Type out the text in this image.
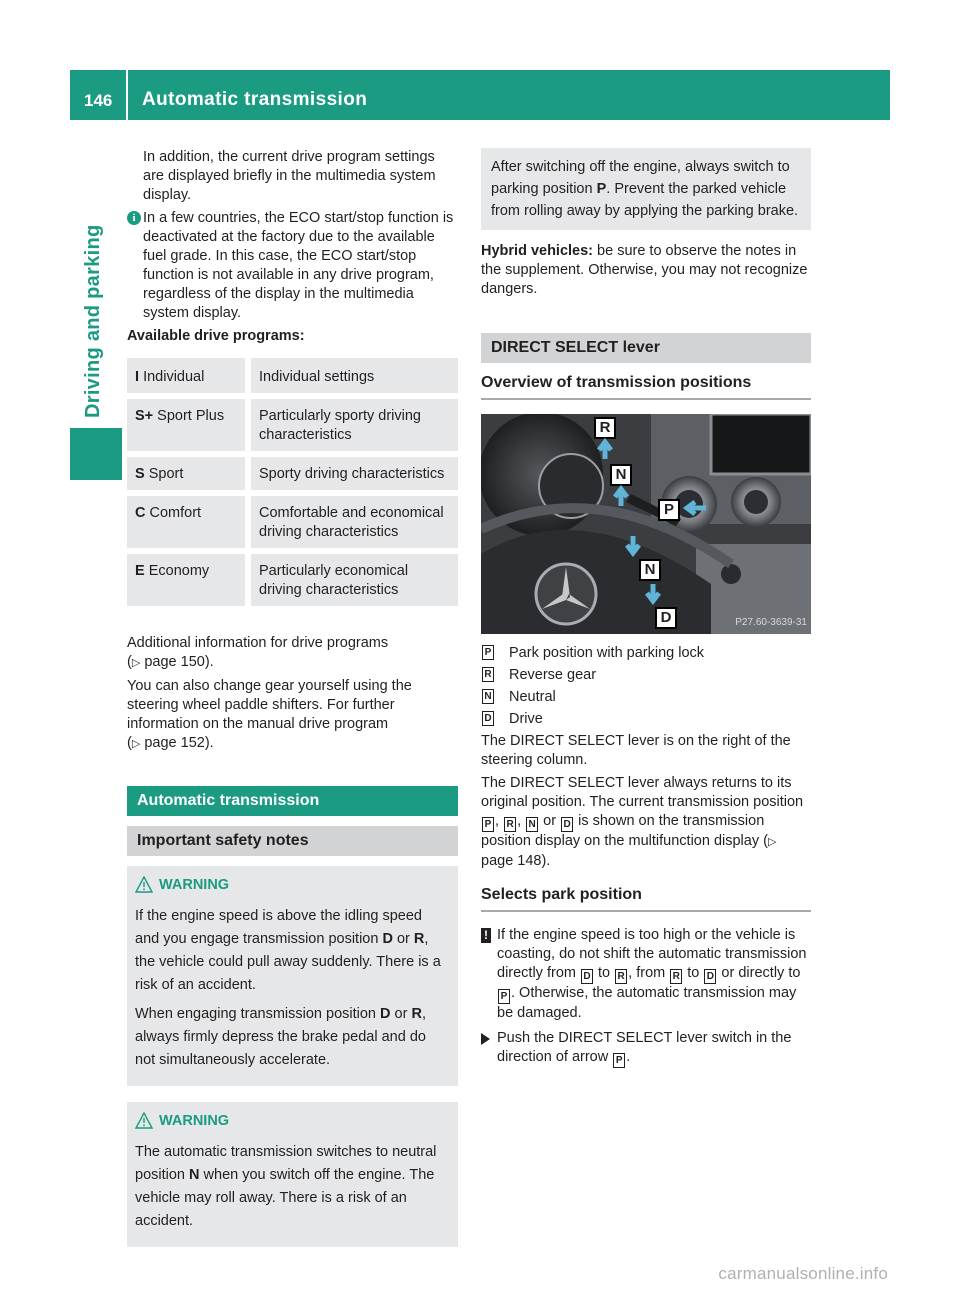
146 Automatic transmission
Driving and parking

In addition, the current drive program settings are displayed briefly in the multimedia system display.

i In a few countries, the ECO start/stop function is deactivated at the factory due to the available fuel grade. In this case, the ECO start/stop function is not available in any drive program, regardless of the display in the multimedia system display.

Available drive programs:

I Individual	Individual settings
S+ Sport Plus	Particularly sporty driving characteristics
S Sport	Sporty driving characteristics
C Comfort	Comfortable and economical driving characteristics
E Economy	Particularly economical driving characteristics

Additional information for drive programs
(▷ page 150).

You can also change gear yourself using the steering wheel paddle shifters. For further information on the manual drive program
(▷ page 152).

Automatic transmission
Important safety notes
WARNING

If the engine speed is above the idling speed and you engage transmission position D or R, the vehicle could pull away suddenly. There is a risk of an accident.

When engaging transmission position D or R, always firmly depress the brake pedal and do not simultaneously accelerate.

WARNING

The automatic transmission switches to neutral position N when you switch off the engine. The vehicle may roll away. There is a risk of an accident.

After switching off the engine, always switch to parking position P. Prevent the parked vehicle from rolling away by applying the parking brake.

Hybrid vehicles: be sure to observe the notes in the supplement. Otherwise, you may not recognize dangers.

DIRECT SELECT lever
Overview of transmission positions
R
N
P
N
D	P27.60-3639-31
P Park position with parking lock
R Reverse gear
N Neutral
D Drive

The DIRECT SELECT lever is on the right of the steering column.

The DIRECT SELECT lever always returns to its original position. The current transmission position P , R , N or D is shown on the transmission position display on the multifunction display (▷ page 148).

Selects park position
! If the engine speed is too high or the vehicle is coasting, do not shift the automatic transmission directly from D to R , from R to D or directly to P . Otherwise, the automatic transmission may be damaged.
Push the DIRECT SELECT lever switch in the direction of arrow P .
carmanualsonline.info
